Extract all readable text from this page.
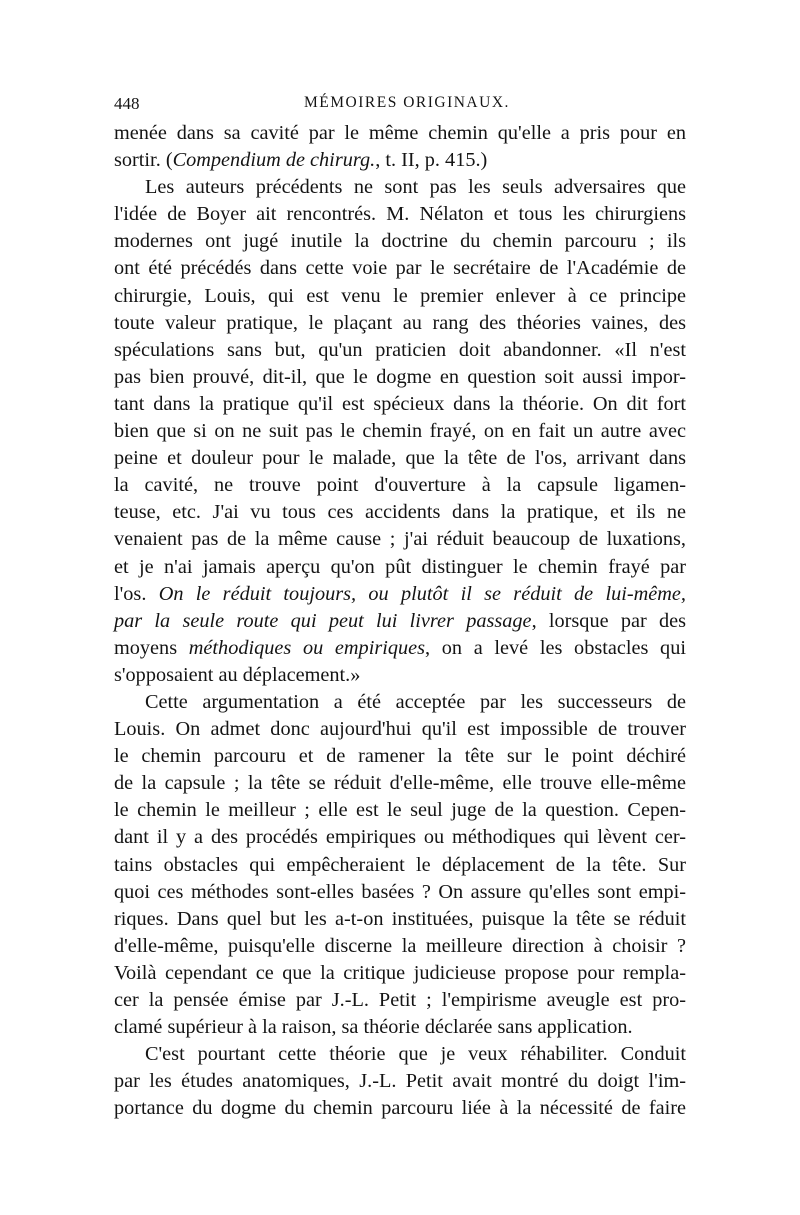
448	MÉMOIRES ORIGINAUX.
menée dans sa cavité par le même chemin qu'elle a pris pour en
sortir. (Compendium de chirurg., t. II, p. 415.)
Les auteurs précédents ne sont pas les seuls adversaires que
l'idée de Boyer ait rencontrés. M. Nélaton et tous les chirurgiens
modernes ont jugé inutile la doctrine du chemin parcouru ; ils
ont été précédés dans cette voie par le secrétaire de l'Académie de
chirurgie, Louis, qui est venu le premier enlever à ce principe
toute valeur pratique, le plaçant au rang des théories vaines, des
spéculations sans but, qu'un praticien doit abandonner. «Il n'est
pas bien prouvé, dit-il, que le dogme en question soit aussi impor-
tant dans la pratique qu'il est spécieux dans la théorie. On dit fort
bien que si on ne suit pas le chemin frayé, on en fait un autre avec
peine et douleur pour le malade, que la tête de l'os, arrivant dans
la cavité, ne trouve point d'ouverture à la capsule ligamen-
teuse, etc. J'ai vu tous ces accidents dans la pratique, et ils ne
venaient pas de la même cause ; j'ai réduit beaucoup de luxations,
et je n'ai jamais aperçu qu'on pût distinguer le chemin frayé par
l'os. On le réduit toujours, ou plutôt il se réduit de lui-même,
par la seule route qui peut lui livrer passage, lorsque par des
moyens méthodiques ou empiriques, on a levé les obstacles qui
s'opposaient au déplacement.»
Cette argumentation a été acceptée par les successeurs de
Louis. On admet donc aujourd'hui qu'il est impossible de trouver
le chemin parcouru et de ramener la tête sur le point déchiré
de la capsule ; la tête se réduit d'elle-même, elle trouve elle-même
le chemin le meilleur ; elle est le seul juge de la question. Cepen-
dant il y a des procédés empiriques ou méthodiques qui lèvent cer-
tains obstacles qui empêcheraient le déplacement de la tête. Sur
quoi ces méthodes sont-elles basées ? On assure qu'elles sont empi-
riques. Dans quel but les a-t-on instituées, puisque la tête se réduit
d'elle-même, puisqu'elle discerne la meilleure direction à choisir ?
Voilà cependant ce que la critique judicieuse propose pour rempla-
cer la pensée émise par J.-L. Petit ; l'empirisme aveugle est pro-
clamé supérieur à la raison, sa théorie déclarée sans application.
C'est pourtant cette théorie que je veux réhabiliter. Conduit
par les études anatomiques, J.-L. Petit avait montré du doigt l'im-
portance du dogme du chemin parcouru liée à la nécessité de faire
